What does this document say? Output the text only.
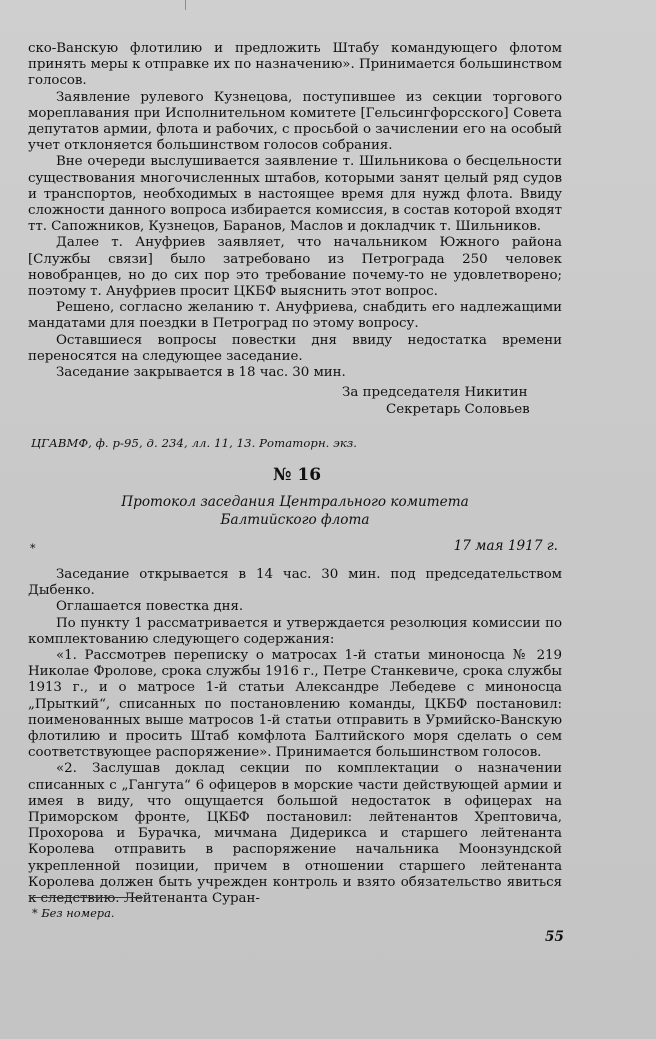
ско-Ванскую флотилию и предложить Штабу командующего флотом принять меры к отправке их по назначению». Принимается большинством голосов.

Заявление рулевого Кузнецова, поступившее из секции торгового мореплавания при Исполнительном комитете [Гельсингфорсского] Совета депутатов армии, флота и рабочих, с просьбой о зачислении его на особый учет отклоняется большинством голосов собрания.

Вне очереди выслушивается заявление т. Шильникова о бесцельности существования многочисленных штабов, которыми занят целый ряд судов и транспортов, необходимых в настоящее время для нужд флота. Ввиду сложности данного вопроса избирается комиссия, в состав которой входят тт. Сапожников, Кузнецов, Баранов, Маслов и докладчик т. Шильников.

Далее т. Ануфриев заявляет, что начальником Южного района [Службы связи] было затребовано из Петрограда 250 человек новобранцев, но до сих пор это требование почему-то не удовлетворено; поэтому т. Ануфриев просит ЦКБФ выяснить этот вопрос.

Решено, согласно желанию т. Ануфриева, снабдить его надлежащими мандатами для поездки в Петроград по этому вопросу.

Оставшиеся вопросы повестки дня ввиду недостатка времени переносятся на следующее заседание.

Заседание закрывается в 18 час. 30 мин.

За председателя Никитин
Секретарь Соловьев
ЦГАВМФ, ф. р-95, д. 234, лл. 11, 13. Ротаторн. экз.
№ 16
Протокол заседания Центрального комитета
Балтийского флота
*	17 мая 1917 г.

Заседание открывается в 14 час. 30 мин. под председательством Дыбенко.

Оглашается повестка дня.

По пункту 1 рассматривается и утверждается резолюция комиссии по комплектованию следующего содержания:

«1. Рассмотрев переписку о матросах 1-й статьи миноносца № 219 Николае Фролове, срока службы 1916 г., Петре Станкевиче, срока службы 1913 г., и о матросе 1-й статьи Александре Лебедеве с миноносца „Прыткий“, списанных по постановлению команды, ЦКБФ постановил: поименованных выше матросов 1-й статьи отправить в Урмийско-Ванскую флотилию и просить Штаб комфлота Балтийского моря сделать о сем соответствующее распоряжение». Принимается большинством голосов.

«2. Заслушав доклад секции по комплектации о назначении списанных с „Гангута“ 6 офицеров в морские части действующей армии и имея в виду, что ощущается большой недостаток в офицерах на Приморском фронте, ЦКБФ постановил: лейтенантов Хрептовича, Прохорова и Бурачка, мичмана Дидерикса и старшего лейтенанта Королева отправить в распоряжение начальника Моонзундской укрепленной позиции, причем в отношении старшего лейтенанта Королева должен быть учрежден контроль и взято обязательство явиться к следствию. Лейтенанта Суран-

* Без номера.
55
